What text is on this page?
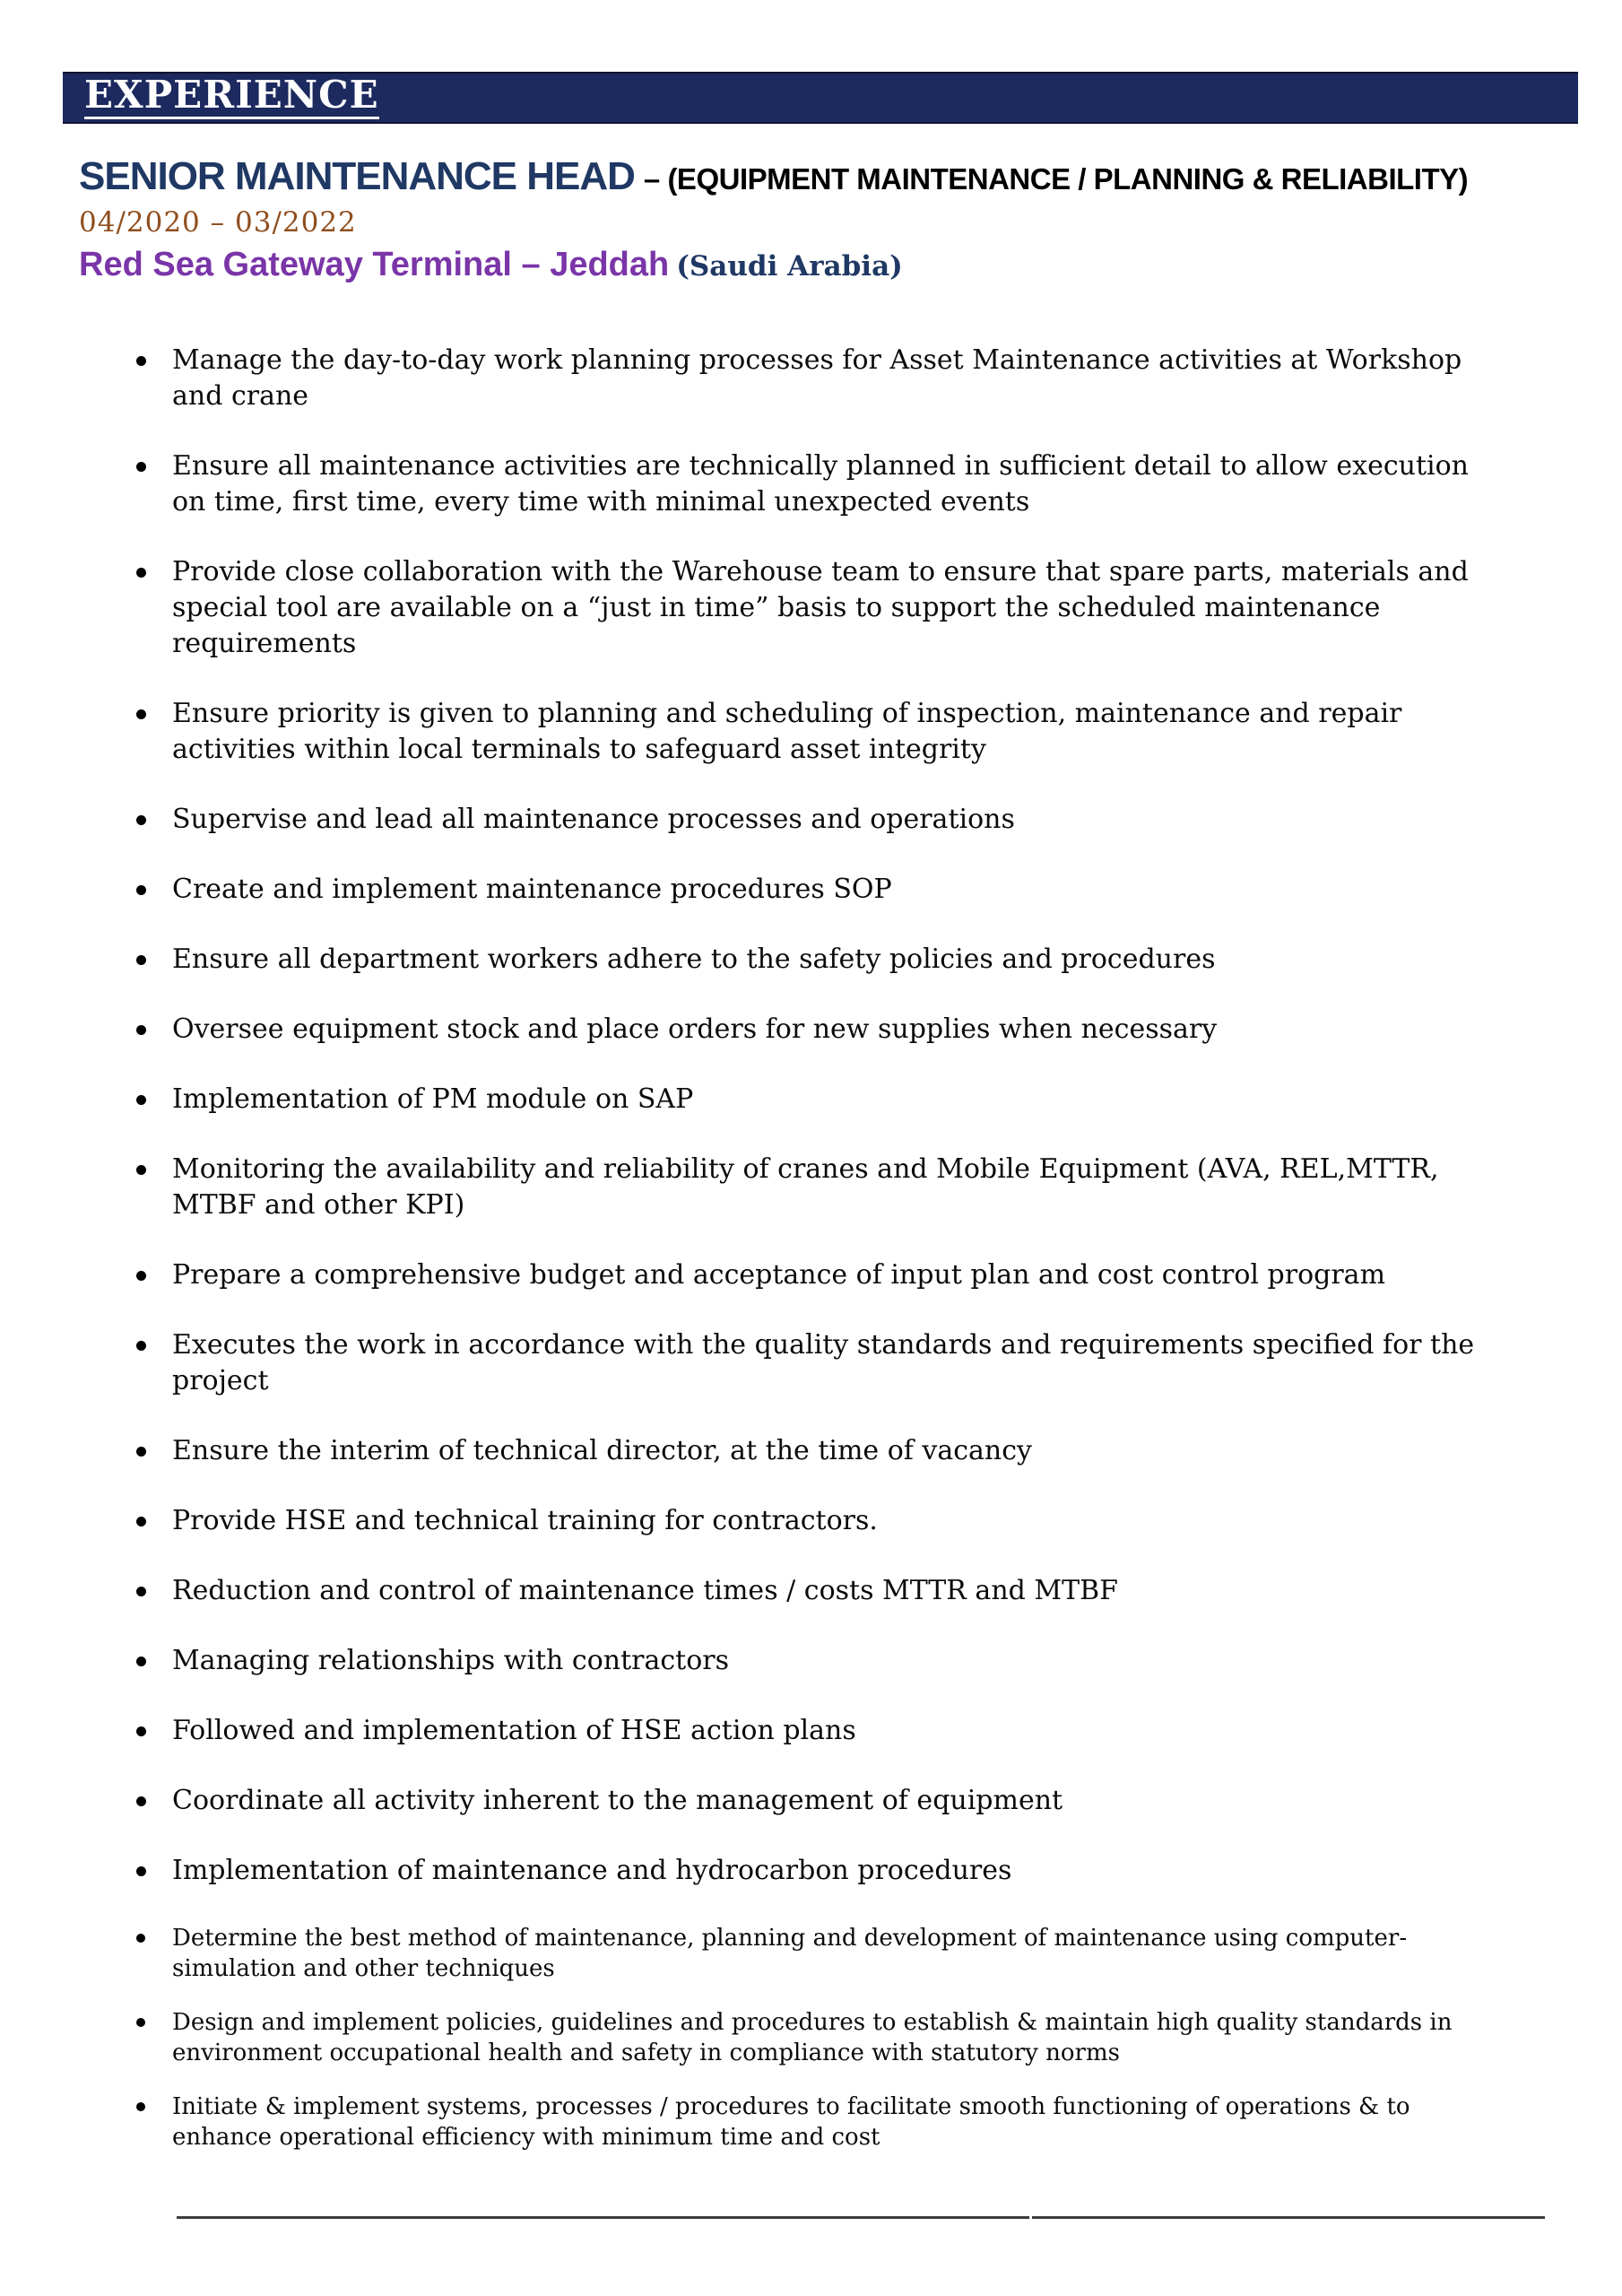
EXPERIENCE
SENIOR MAINTENANCE HEAD – (EQUIPMENT MAINTENANCE / PLANNING & RELIABILITY)
04/2020 – 03/2022
Red Sea Gateway Terminal – Jeddah (Saudi Arabia)
Manage the day-to-day work planning processes for Asset Maintenance activities at Workshop and crane
Ensure all maintenance activities are technically planned in sufficient detail to allow execution on time, first time, every time with minimal unexpected events
Provide close collaboration with the Warehouse team to ensure that spare parts, materials and special tool are available on a “just in time” basis to support the scheduled maintenance requirements
Ensure priority is given to planning and scheduling of inspection, maintenance and repair activities within local terminals to safeguard asset integrity
Supervise and lead all maintenance processes and operations
Create and implement maintenance procedures SOP
Ensure all department workers adhere to the safety policies and procedures
Oversee equipment stock and place orders for new supplies when necessary
Implementation of PM module on SAP
Monitoring the availability and reliability of cranes and Mobile Equipment (AVA, REL,MTTR, MTBF and other KPI)
Prepare a comprehensive budget and acceptance of input plan and cost control program
Executes the work in accordance with the quality standards and requirements specified for the project
Ensure the interim of technical director, at the time of vacancy
Provide HSE and technical training for contractors.
Reduction and control of maintenance times / costs MTTR and MTBF
Managing relationships with contractors
Followed and implementation of HSE action plans
Coordinate all activity inherent to the management of equipment
Implementation of maintenance and hydrocarbon procedures
Determine the best method of maintenance, planning and development of maintenance using computer-simulation and other techniques
Design and implement policies, guidelines and procedures to establish & maintain high quality standards in environment occupational health and safety in compliance with statutory norms
Initiate & implement systems, processes / procedures to facilitate smooth functioning of operations & to enhance operational efficiency with minimum time and cost
